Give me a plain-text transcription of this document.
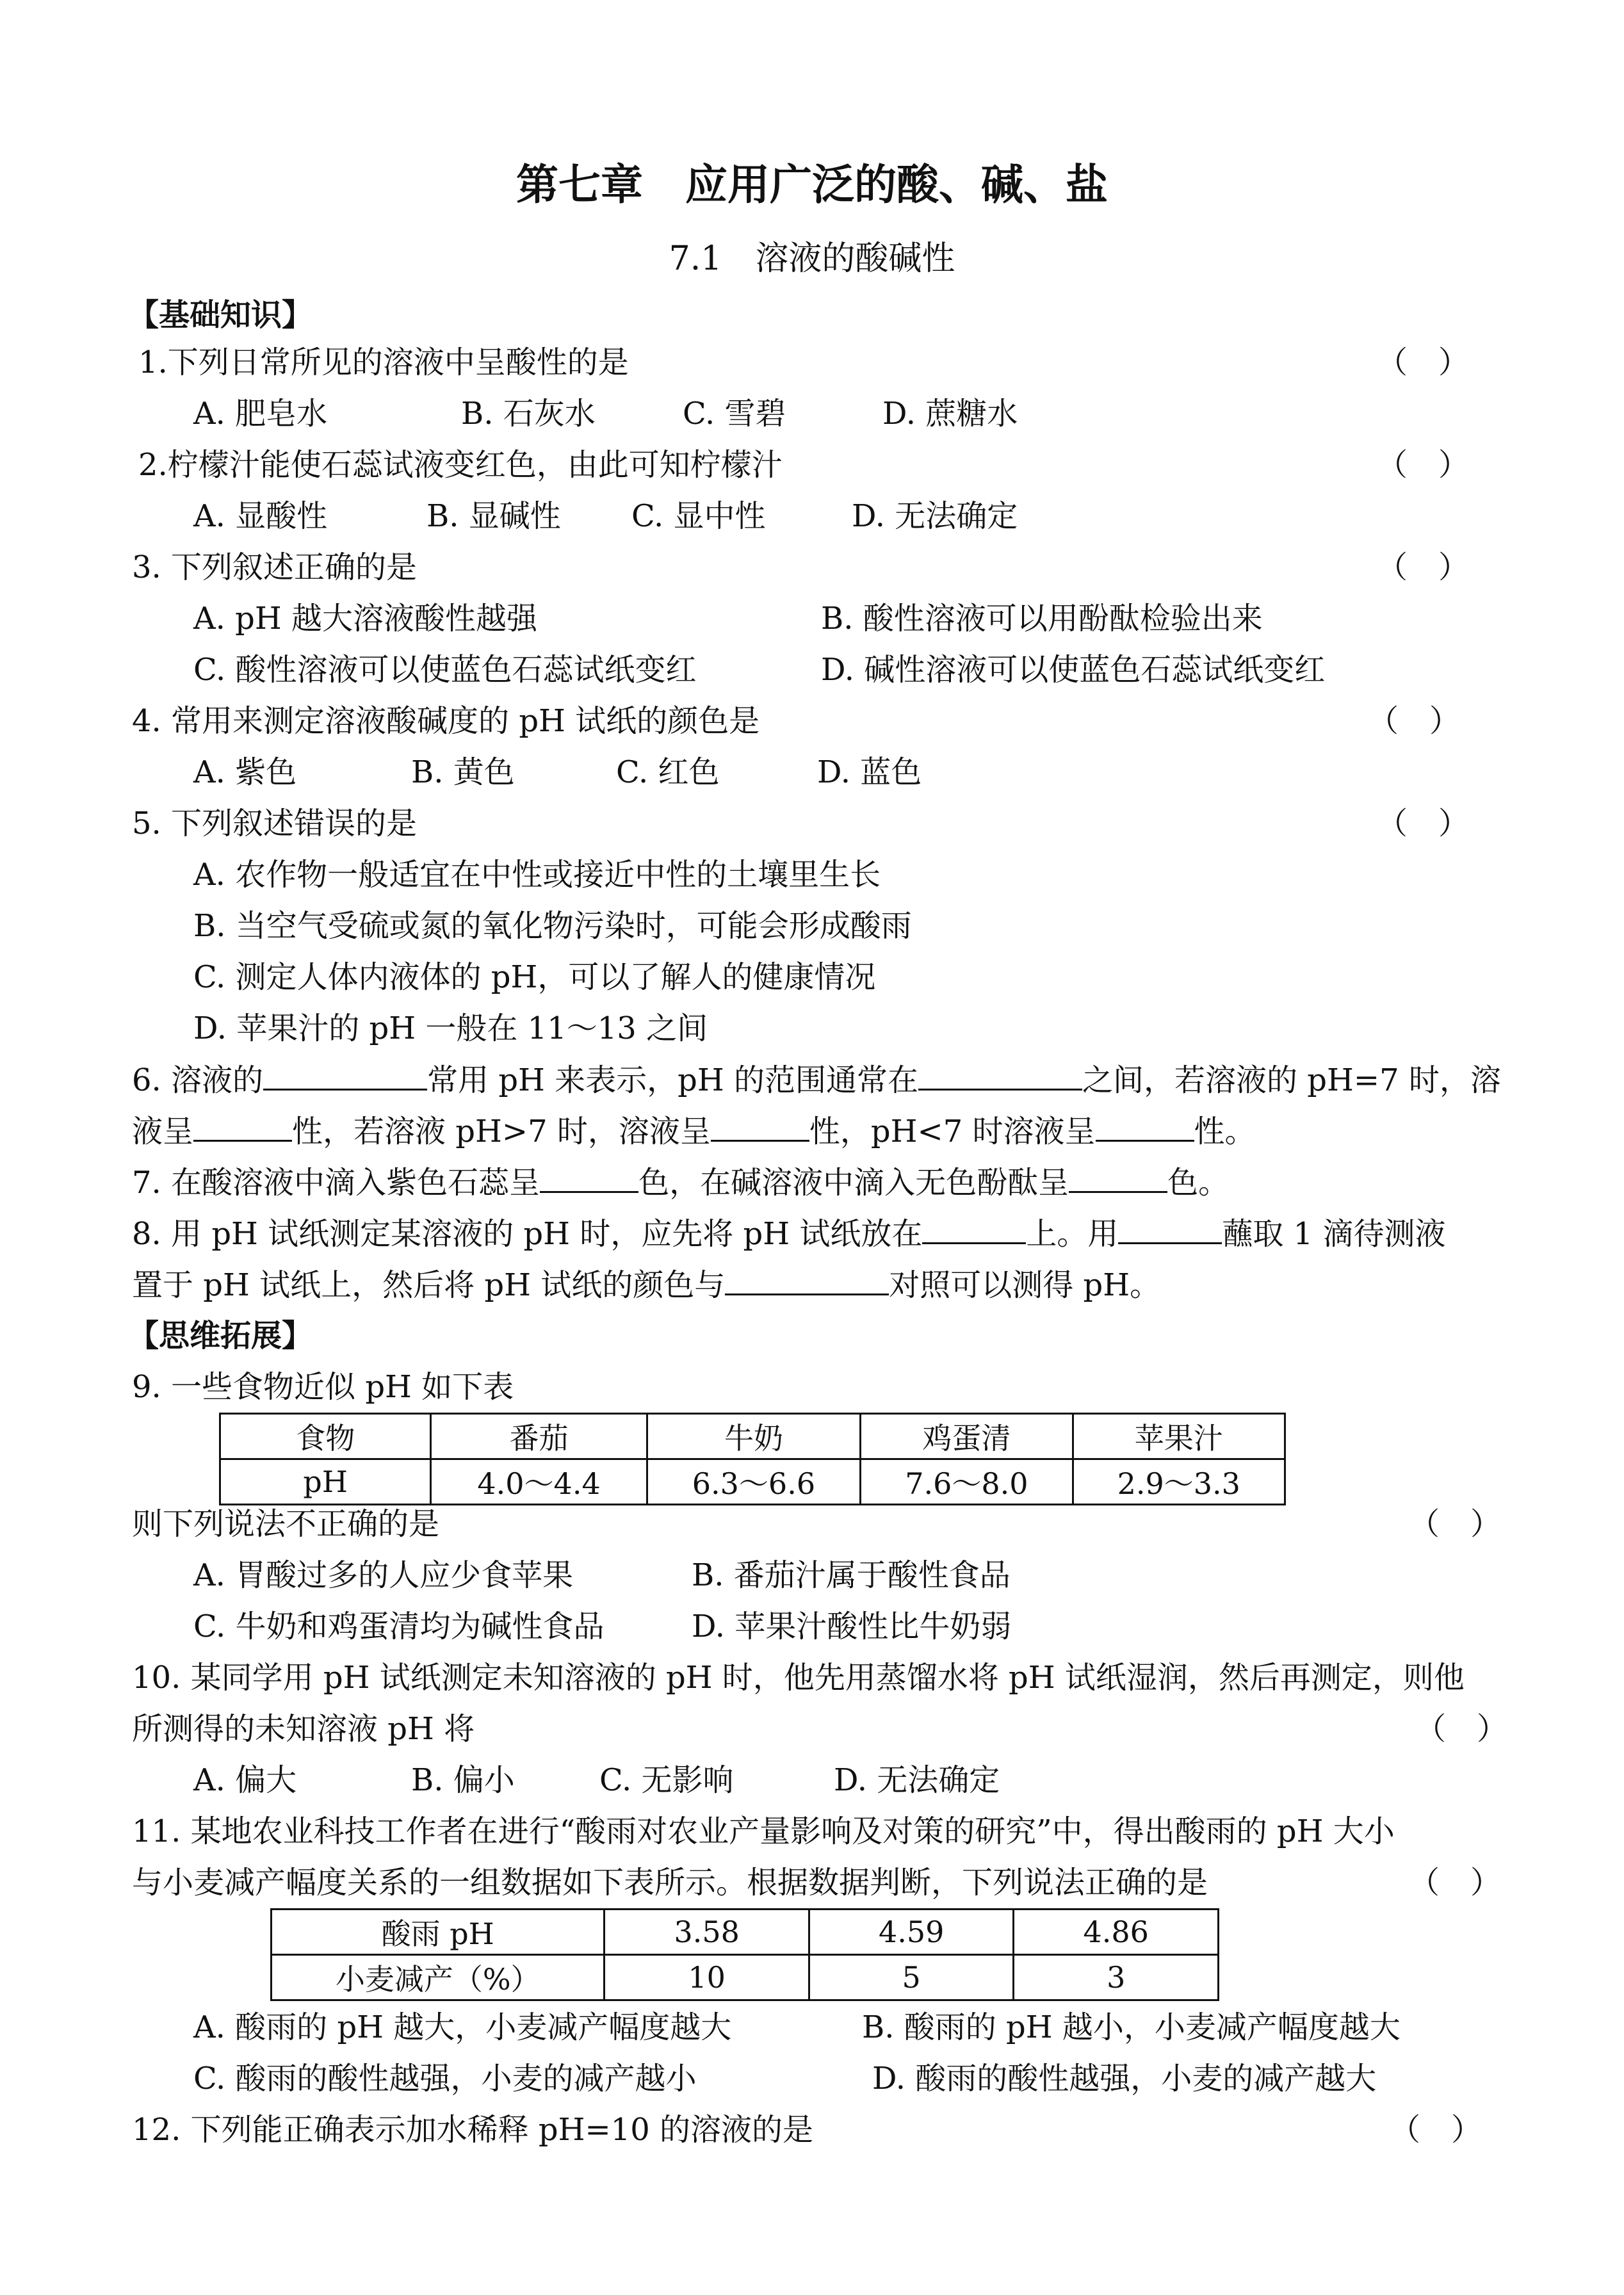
第七章　应用广泛的酸、碱、盐
7.1　溶液的酸碱性
【基础知识】
1.下列日常所见的溶液中呈酸性的是	（　）
A. 肥皂水	B. 石灰水	C. 雪碧	D. 蔗糖水
2.柠檬汁能使石蕊试液变红色，由此可知柠檬汁	（　）
A. 显酸性	B. 显碱性 C. 显中性	D. 无法确定
3. 下列叙述正确的是	（　）
A. pH 越大溶液酸性越强	B. 酸性溶液可以用酚酞检验出来
C. 酸性溶液可以使蓝色石蕊试纸变红	D. 碱性溶液可以使蓝色石蕊试纸变红
4. 常用来测定溶液酸碱度的 pH 试纸的颜色是	（　）
A. 紫色	B. 黄色	C. 红色	D. 蓝色
5. 下列叙述错误的是	（　）
A. 农作物一般适宜在中性或接近中性的土壤里生长
B. 当空气受硫或氮的氧化物污染时，可能会形成酸雨
C. 测定人体内液体的 pH，可以了解人的健康情况
D. 苹果汁的 pH 一般在 11～13 之间
6. 溶液的	常用 pH 来表示，pH 的范围通常在	之间，若溶液的 pH=7 时，溶
液呈	性，若溶液 pH>7 时，溶液呈	性，pH<7 时溶液呈	性。
7. 在酸溶液中滴入紫色石蕊呈	色，在碱溶液中滴入无色酚酞呈	色。
8. 用 pH 试纸测定某溶液的 pH 时，应先将 pH 试纸放在	上。用	蘸取 1 滴待测液
置于 pH 试纸上，然后将 pH 试纸的颜色与	对照可以测得 pH。
【思维拓展】
9. 一些食物近似 pH 如下表
食物	番茄	牛奶	鸡蛋清	苹果汁
pH	4.0～4.4	6.3～6.6	7.6～8.0	2.9～3.3
则下列说法不正确的是	（　）
A. 胃酸过多的人应少食苹果	B. 番茄汁属于酸性食品
C. 牛奶和鸡蛋清均为碱性食品	D. 苹果汁酸性比牛奶弱
10. 某同学用 pH 试纸测定未知溶液的 pH 时，他先用蒸馏水将 pH 试纸湿润，然后再测定，则他
所测得的未知溶液 pH 将	（　）
A. 偏大	B. 偏小	C. 无影响	D. 无法确定
11. 某地农业科技工作者在进行“酸雨对农业产量影响及对策的研究”中，得出酸雨的 pH 大小
与小麦减产幅度关系的一组数据如下表所示。根据数据判断，下列说法正确的是	（　）
酸雨 pH	3.58	4.59	4.86
小麦减产（%）	10	5	3
A. 酸雨的 pH 越大，小麦减产幅度越大	B. 酸雨的 pH 越小，小麦减产幅度越大
C. 酸雨的酸性越强，小麦的减产越小	D. 酸雨的酸性越强，小麦的减产越大
12. 下列能正确表示加水稀释 pH=10 的溶液的是	（　）
